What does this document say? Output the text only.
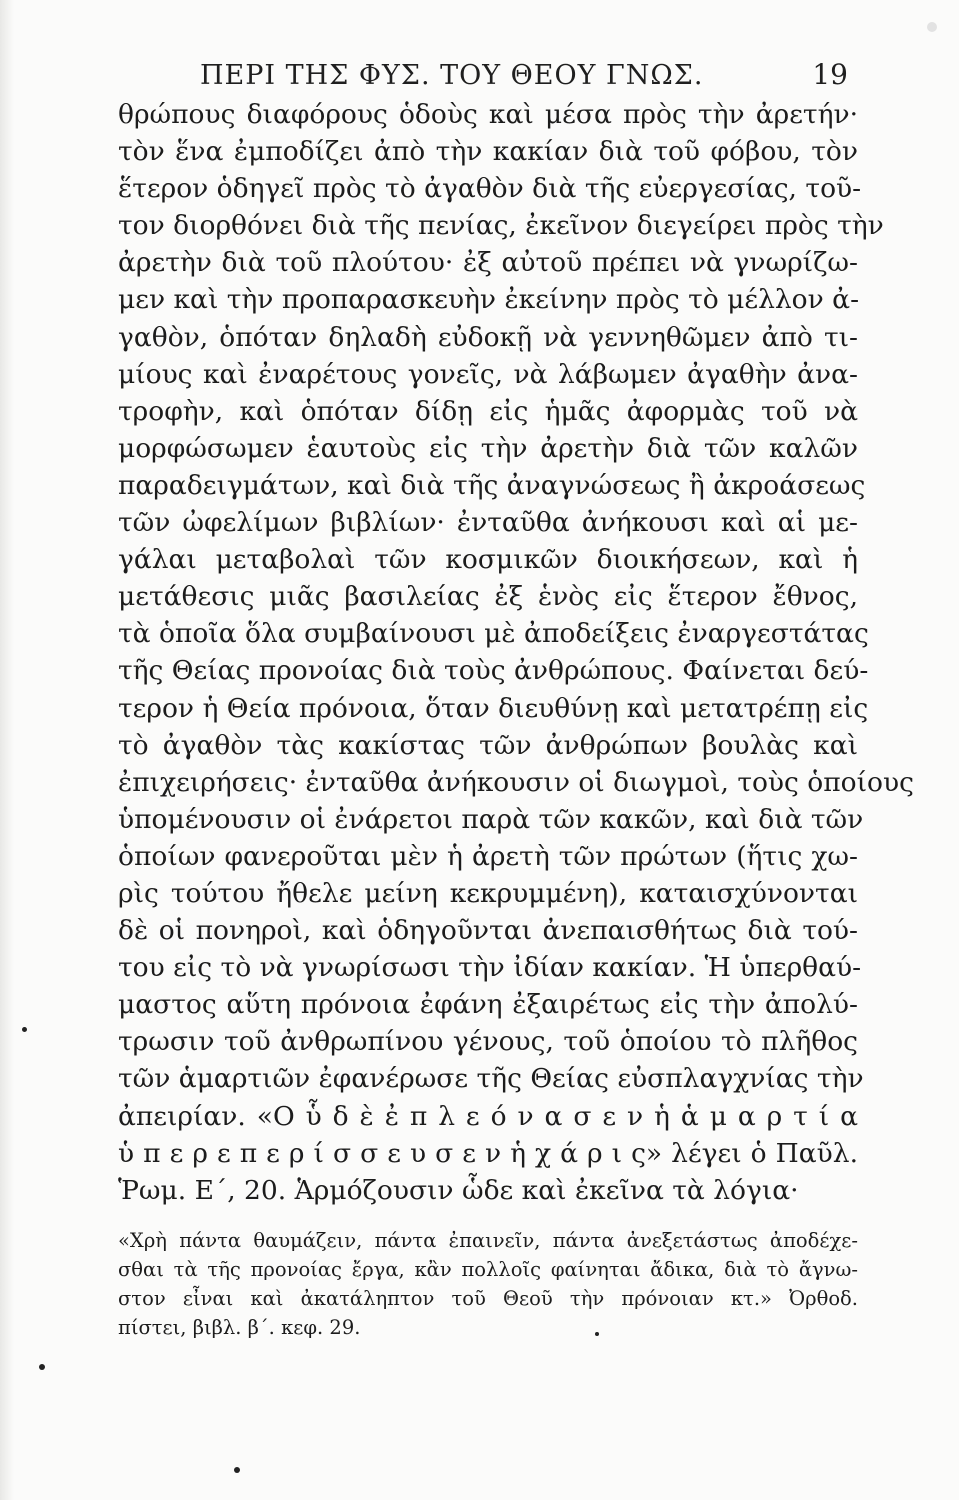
ΠΕΡΙ ΤΗΣ ΦΥΣ. ΤΟΥ ΘΕΟΥ ΓΝΩΣ.	19
θρώπους διαφόρους ὁδοὺς καὶ μέσα πρὸς τὴν ἀρετήν·
τὸν ἕνα ἐμποδίζει ἀπὸ τὴν κακίαν διὰ τοῦ φόβου, τὸν
ἕτερον ὁδηγεῖ πρὸς τὸ ἀγαθὸν διὰ τῆς εὐεργεσίας, τοῦ-
τον διορθόνει διὰ τῆς πενίας, ἐκεῖνον διεγείρει πρὸς τὴν
ἀρετὴν διὰ τοῦ πλούτου· ἐξ αὐτοῦ πρέπει νὰ γνωρίζω-
μεν καὶ τὴν προπαρασκευὴν ἐκείνην πρὸς τὸ μέλλον ἀ-
γαθὸν, ὁπόταν δηλαδὴ εὐδοκῇ νὰ γεννηθῶμεν ἀπὸ τι-
μίους καὶ ἐναρέτους γονεῖς, νὰ λάβωμεν ἀγαθὴν ἀνα-
τροφὴν, καὶ ὁπόταν δίδῃ εἰς ἡμᾶς ἀφορμὰς τοῦ νὰ
μορφώσωμεν ἑαυτοὺς εἰς τὴν ἀρετὴν διὰ τῶν καλῶν
παραδειγμάτων, καὶ διὰ τῆς ἀναγνώσεως ἢ ἀκροάσεως
τῶν ὠφελίμων βιβλίων· ἐνταῦθα ἀνήκουσι καὶ αἱ με-
γάλαι μεταβολαὶ τῶν κοσμικῶν διοικήσεων, καὶ ἡ
μετάθεσις μιᾶς βασιλείας ἐξ ἑνὸς εἰς ἕτερον ἔθνος,
τὰ ὁποῖα ὅλα συμβαίνουσι μὲ ἀποδείξεις ἐναργεστάτας
τῆς Θείας προνοίας διὰ τοὺς ἀνθρώπους. Φαίνεται δεύ-
τερον ἡ Θεία πρόνοια, ὅταν διευθύνῃ καὶ μετατρέπῃ εἰς
τὸ ἀγαθὸν τὰς κακίστας τῶν ἀνθρώπων βουλὰς καὶ
ἐπιχειρήσεις· ἐνταῦθα ἀνήκουσιν οἱ διωγμοὶ, τοὺς ὁποίους
ὑπομένουσιν οἱ ἐνάρετοι παρὰ τῶν κακῶν, καὶ διὰ τῶν
ὁποίων φανεροῦται μὲν ἡ ἀρετὴ τῶν πρώτων (ἥτις χω-
ρὶς τούτου ἤθελε μείνη κεκρυμμένη), καταισχύνονται
δὲ οἱ πονηροὶ, καὶ ὁδηγοῦνται ἀνεπαισθήτως διὰ τού-
του εἰς τὸ νὰ γνωρίσωσι τὴν ἰδίαν κακίαν. Ἡ ὑπερθαύ-
μαστος αὕτη πρόνοια ἐφάνη ἐξαιρέτως εἰς τὴν ἀπολύ-
τρωσιν τοῦ ἀνθρωπίνου γένους, τοῦ ὁποίου τὸ πλῆθος
τῶν ἁμαρτιῶν ἐφανέρωσε τῆς Θείας εὐσπλαγχνίας τὴν
ἀπειρίαν. «Ο ὗ δ ὲ ἐ π λ ε ό ν α σ ε ν ἡ ἁ μ α ρ τ ί α
ὑ π ε ρ ε π ε ρ ί σ σ ε υ σ ε ν ἡ χ ά ρ ι ς» λέγει ὁ Παῦλ.
Ῥωμ. Ε΄, 20. Ἁρμόζουσιν ὧδε καὶ ἐκεῖνα τὰ λόγια·
«Χρὴ πάντα θαυμάζειν, πάντα ἐπαινεῖν, πάντα ἀνεξετάστως ἀποδέχε-
σθαι τὰ τῆς προνοίας ἔργα, κἂν πολλοῖς φαίνηται ἄδικα, διὰ τὸ ἄγνω-
στον εἶναι καὶ ἀκατάληπτον τοῦ Θεοῦ τὴν πρόνοιαν κτ.» Ὀρθοδ.
πίστει, βιβλ. β΄. κεφ. 29.
